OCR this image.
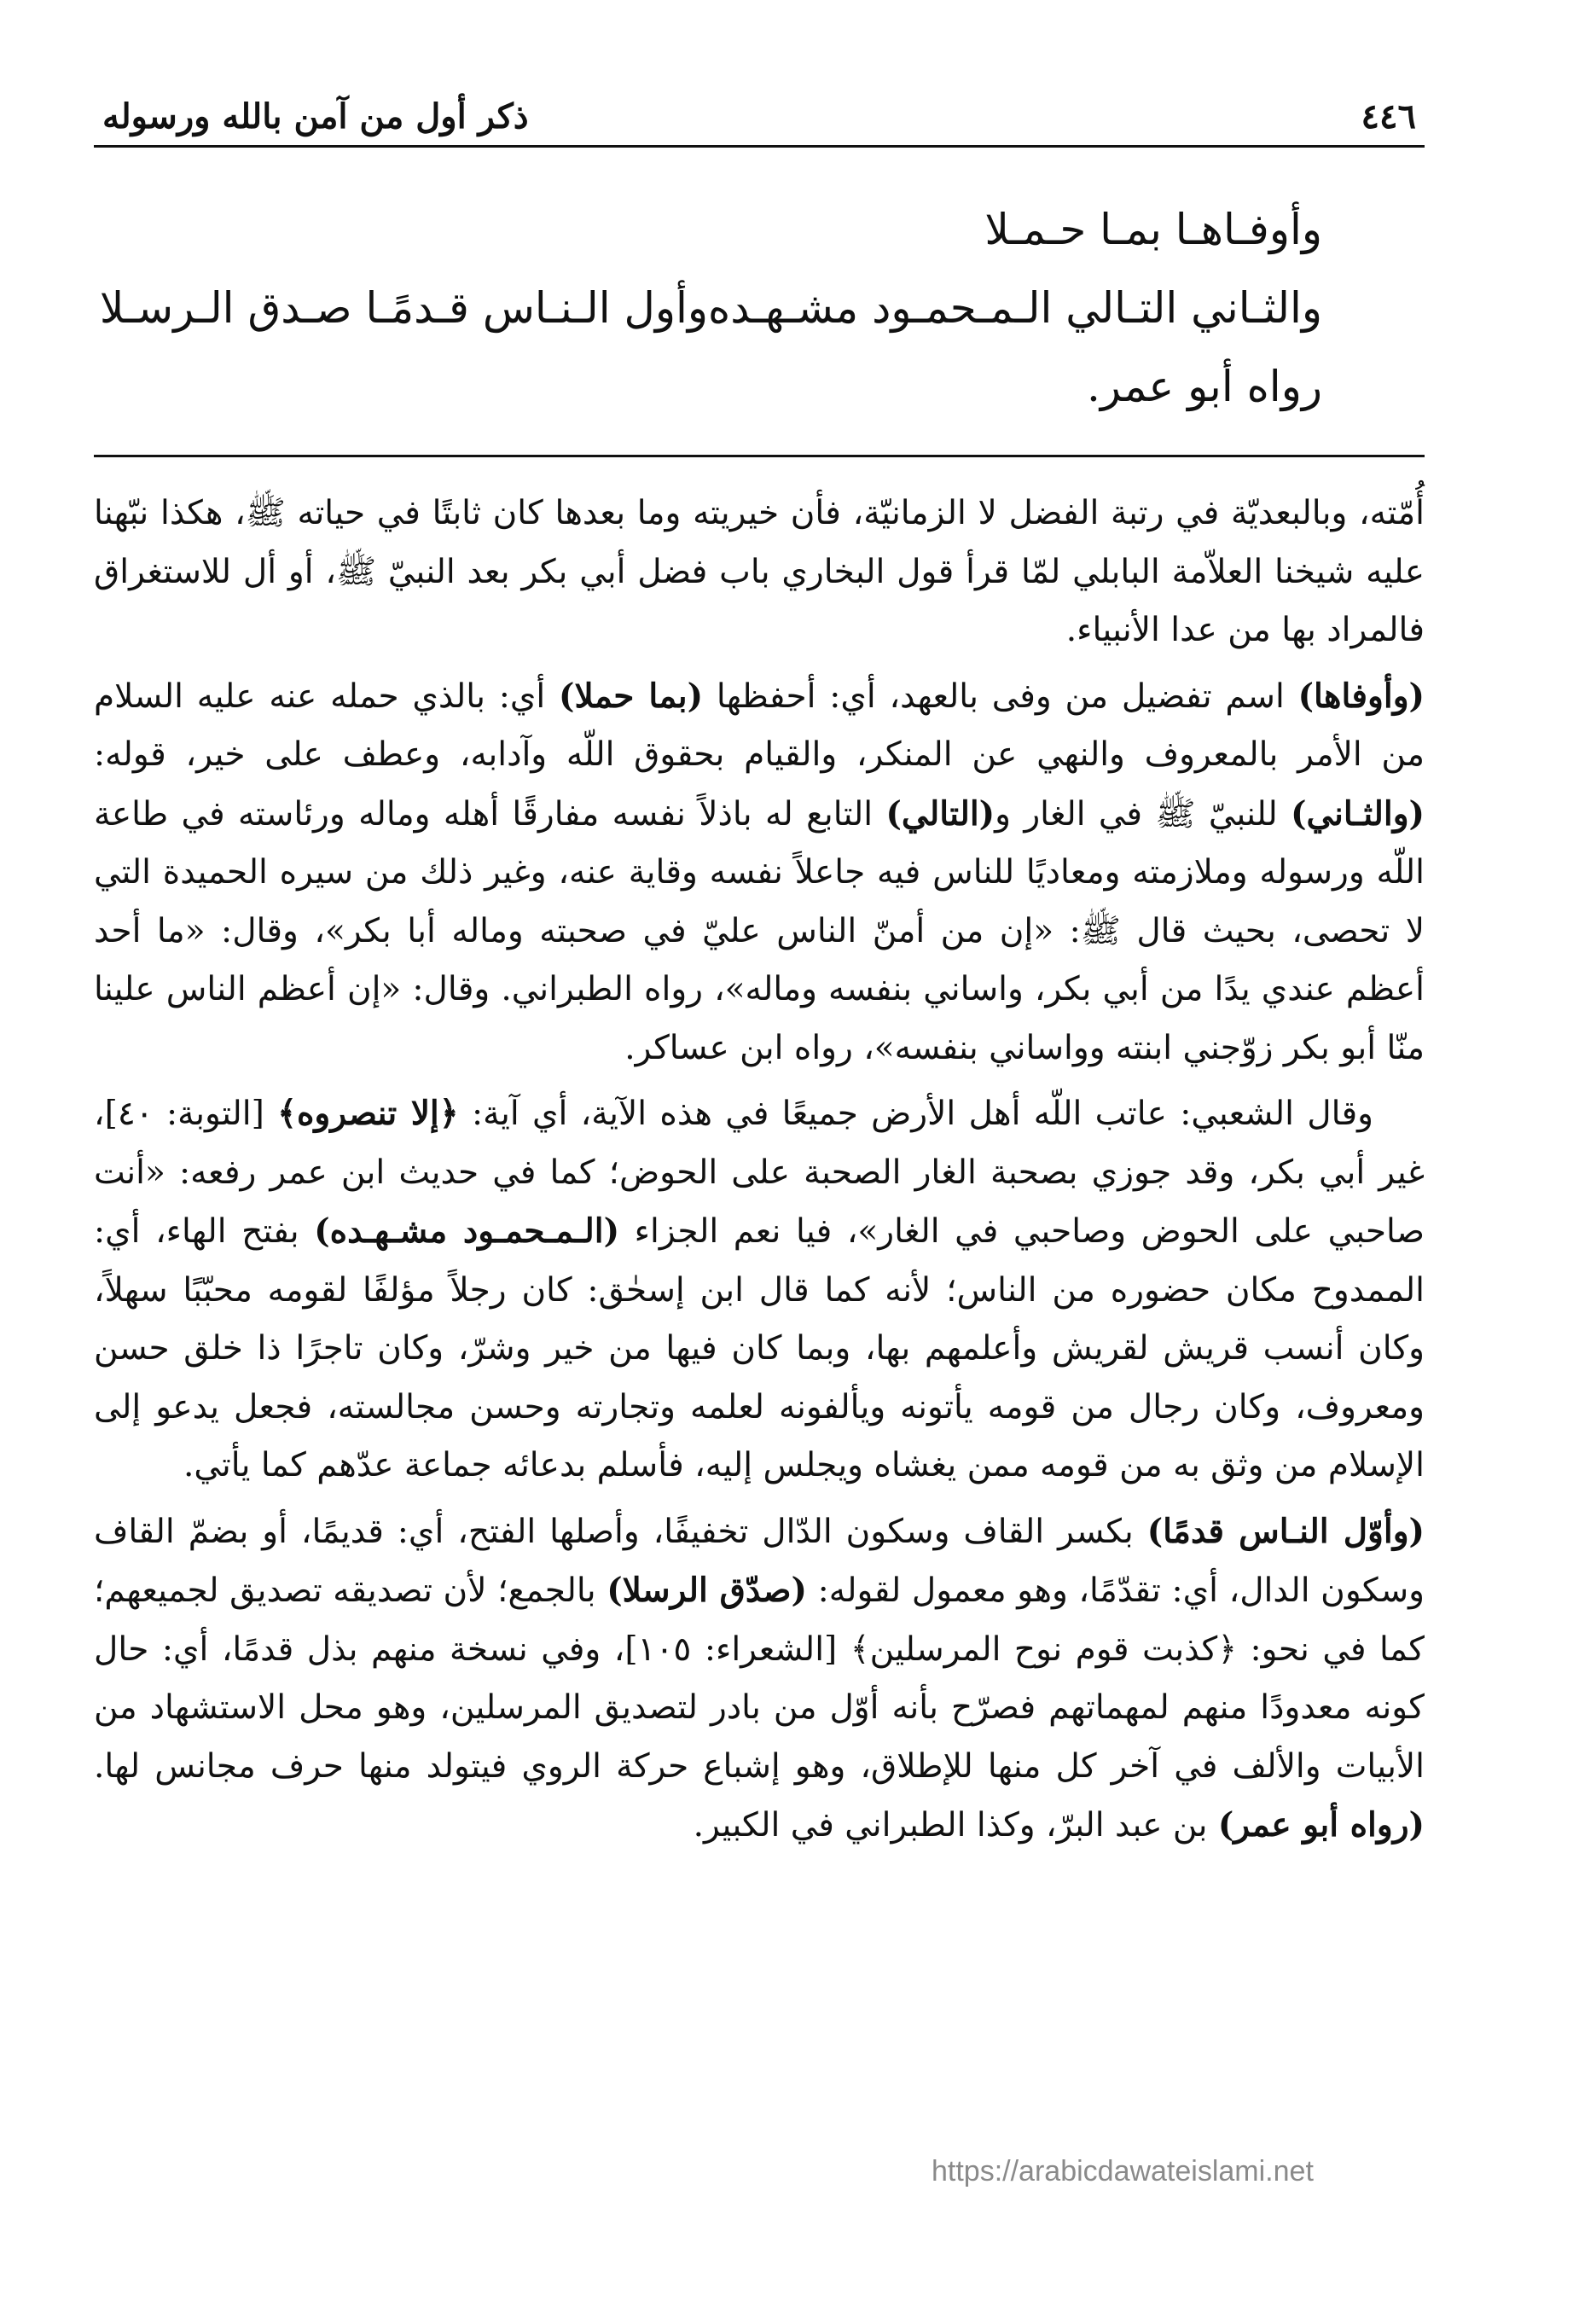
٤٤٦
ذكر أول من آمن بالله ورسوله
وأوفـاهـا بمـا حـمـلا
والثـاني التـالي الـمـحمـود مشـهـده
وأول الـنـاس قـدمًـا صـدق الـرسـلا
رواه أبو عمر.

أُمّته، وبالبعديّة في رتبة الفضل لا الزمانيّة، فأن خيريته وما بعدها كان ثابتًا في حياته ﷺ، هكذا نبّهنا عليه شيخنا العلاّمة البابلي لمّا قرأ قول البخاري باب فضل أبي بكر بعد النبيّ ﷺ، أو أل للاستغراق فالمراد بها من عدا الأنبياء.

(وأوفاها) اسم تفضيل من وفى بالعهد، أي: أحفظها (بما حملا) أي: بالذي حمله عنه عليه السلام من الأمر بالمعروف والنهي عن المنكر، والقيام بحقوق اللّه وآدابه، وعطف على خير، قوله: (والثـاني) للنبيّ ﷺ في الغار و(التالي) التابع له باذلاً نفسه مفارقًا أهله وماله ورئاسته في طاعة اللّه ورسوله وملازمته ومعاديًا للناس فيه جاعلاً نفسه وقاية عنه، وغير ذلك من سيره الحميدة التي لا تحصى، بحيث قال ﷺ: «إن من أمنّ الناس عليّ في صحبته وماله أبا بكر»، وقال: «ما أحد أعظم عندي يدًا من أبي بكر، واساني بنفسه وماله»، رواه الطبراني. وقال: «إن أعظم الناس علينا منّا أبو بكر زوّجني ابنته وواساني بنفسه»، رواه ابن عساكر.

وقال الشعبي: عاتب اللّه أهل الأرض جميعًا في هذه الآية، أي آية: ﴿إلا تنصروه﴾ [التوبة: ٤٠]، غير أبي بكر، وقد جوزي بصحبة الغار الصحبة على الحوض؛ كما في حديث ابن عمر رفعه: «أنت صاحبي على الحوض وصاحبي في الغار»، فيا نعم الجزاء (الـمـحمـود مشـهـده) بفتح الهاء، أي: الممدوح مكان حضوره من الناس؛ لأنه كما قال ابن إسحٰق: كان رجلاً مؤلفًا لقومه محبّبًا سهلاً، وكان أنسب قريش لقريش وأعلمهم بها، وبما كان فيها من خير وشرّ، وكان تاجرًا ذا خلق حسن ومعروف، وكان رجال من قومه يأتونه ويألفونه لعلمه وتجارته وحسن مجالسته، فجعل يدعو إلى الإسلام من وثق به من قومه ممن يغشاه ويجلس إليه، فأسلم بدعائه جماعة عدّهم كما يأتي.

(وأوّل النـاس قدمًا) بكسر القاف وسكون الدّال تخفيفًا، وأصلها الفتح، أي: قديمًا، أو بضمّ القاف وسكون الدال، أي: تقدّمًا، وهو معمول لقوله: (صدّق الرسلا) بالجمع؛ لأن تصديقه تصديق لجميعهم؛ كما في نحو: ﴿كذبت قوم نوح المرسلين﴾ [الشعراء: ١٠٥]، وفي نسخة منهم بذل قدمًا، أي: حال كونه معدودًا منهم لمهماتهم فصرّح بأنه أوّل من بادر لتصديق المرسلين، وهو محل الاستشهاد من الأبيات والألف في آخر كل منها للإطلاق، وهو إشباع حركة الروي فيتولد منها حرف مجانس لها. (رواه أبو عمر) بن عبد البرّ، وكذا الطبراني في الكبير.

https://arabicdawateislami.net
